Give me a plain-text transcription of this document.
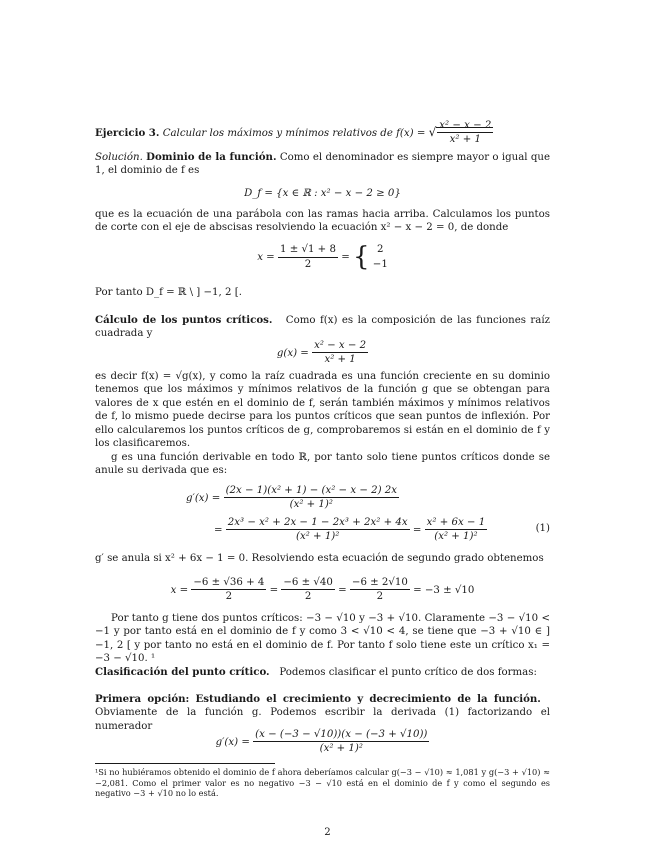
Ejercicio 3. Calcular los máximos y mínimos relativos de f(x) = √ $\frac{\text{x² − x − 2}}{\text{x² + 1}}$

Solución. Dominio de la función. Como el denominador es siempre mayor o igual que 1, el dominio de f es

D_f = {x ∈ ℝ : x² − x − 2 ≥ 0}

que es la ecuación de una parábola con las ramas hacia arriba. Calculamos los puntos de corte con el eje de abscisas resolviendo la ecuación x² − x − 2 = 0, de donde

$x = \frac{1 \pm √1 + 8}{2}$ = { 2
−1

Por tanto D_f = ℝ \ ] −1, 2 [.

Cálculo de los puntos críticos. Como f(x) es la composición de las funciones raíz cuadrada y

$g(x) = \frac{\text{x² − x − 2}}{\text{x² + 1}}$

es decir f(x) = √g(x), y como la raíz cuadrada es una función creciente en su dominio tenemos que los máximos y mínimos relativos de la función g que se obtengan para valores de x que estén en el dominio de f, serán también máximos y mínimos relativos de f, lo mismo puede decirse para los puntos críticos que sean puntos de inflexión. Por ello calcularemos los puntos críticos de g, comprobaremos si están en el dominio de f y los clasificaremos.

g es una función derivable en todo ℝ, por tanto solo tiene puntos críticos donde se anule su derivada que es:

$g'(x) = \frac{\text{(2x − 1)(x² + 1) − (x² − x − 2) 2x}}{\text{(x² + 1)²}}$
= $\frac{\text{2x³ − x² + 2x − 1 − 2x³ + 2x² + 4x}}{\text{(x² + 1)²}} = \frac{\text{x² + 6x − 1}}{\text{(x² + 1)²}}$	(1)

g′ se anula si x² + 6x − 1 = 0. Resolviendo esta ecuación de segundo grado obtenemos

$x = \frac{-6 \pm √36 + 4}{2} = \frac{-6 \pm √40}{2} = \frac{-6 \pm 2√10}{2} = -3 \pm √10$

Por tanto g tiene dos puntos críticos: −3 − √10 y −3 + √10. Claramente −3 − √10 < −1 y por tanto está en el dominio de f y como 3 < √10 < 4, se tiene que −3 + √10 ∈ ] −1, 2 [ y por tanto no está en el dominio de f. Por tanto f solo tiene este un crítico x₁ = −3 − √10. ¹

Clasificación del punto crítico. Podemos clasificar el punto crítico de dos formas:

Primera opción: Estudiando el crecimiento y decrecimiento de la función.   Obviamente de la función g. Podemos escribir la derivada (1) factorizando el numerador

$g'(x) = \frac{(x - (-3 - √10))(x - (-3 + √10))}{\text{(x² + 1)²}}$

¹Si no hubiéramos obtenido el dominio de f ahora deberíamos calcular g(−3 − √10) ≈ 1,081 y g(−3 + √10) ≈ −2,081. Como el primer valor es no negativo −3 − √10 está en el dominio de f y como el segundo es negativo −3 + √10 no lo está.

2
